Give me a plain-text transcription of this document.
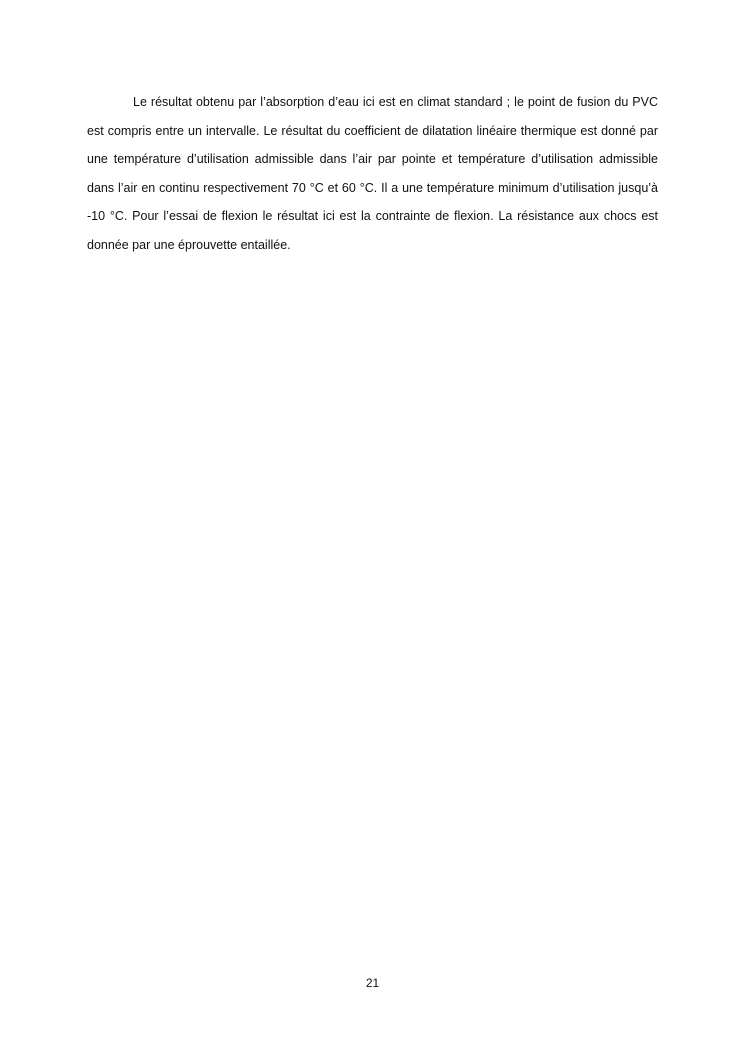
Le résultat obtenu par l’absorption d’eau ici est en climat standard ; le point de fusion du PVC est compris entre un intervalle. Le résultat du coefficient de dilatation linéaire thermique est donné par une température d’utilisation admissible dans l’air par pointe et température d’utilisation admissible dans l’air en continu respectivement 70 °C et 60 °C. Il a une température minimum d’utilisation jusqu’à -10 °C. Pour l’essai de flexion le résultat ici est la contrainte de flexion. La résistance aux chocs est donnée par une éprouvette entaillée.

21
